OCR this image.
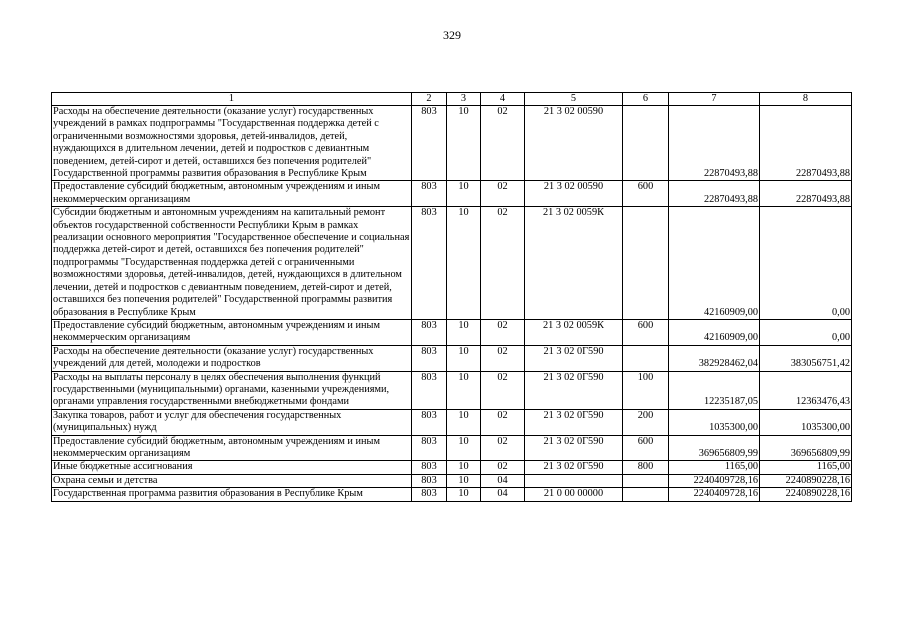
329
1	2	3	4	5	6	7	8
Расходы на обеспечение деятельности (оказание услуг) государственных учреждений в рамках подпрограммы "Государственная поддержка детей с ограниченными возможностями здоровья, детей-инвалидов, детей, нуждающихся в длительном лечении, детей и подростков с девиантным поведением, детей-сирот и детей, оставшихся без попечения родителей" Государственной программы развития образования в Республике Крым	803	10	02	21 3 02 00590		22870493,88	22870493,88
Предоставление субсидий бюджетным, автономным учреждениям и иным некоммерческим организациям	803	10	02	21 3 02 00590	600	22870493,88	22870493,88
Субсидии бюджетным и автономным учреждениям на капитальный ремонт объектов государственной собственности Республики Крым в рамках реализации основного мероприятия "Государственное обеспечение и социальная поддержка детей-сирот и детей, оставшихся без попечения родителей" подпрограммы "Государственная поддержка детей с ограниченными возможностями здоровья, детей-инвалидов, детей, нуждающихся в длительном лечении, детей и подростков с девиантным поведением, детей-сирот и детей, оставшихся без попечения родителей" Государственной программы развития образования в Республике Крым	803	10	02	21 3 02 0059К		42160909,00	0,00
Предоставление субсидий бюджетным, автономным учреждениям и иным некоммерческим организациям	803	10	02	21 3 02 0059К	600	42160909,00	0,00
Расходы на обеспечение деятельности (оказание услуг) государственных учреждений для детей, молодежи и подростков	803	10	02	21 3 02 0Г590		382928462,04	383056751,42
Расходы на выплаты персоналу в целях обеспечения выполнения функций государственными (муниципальными) органами, казенными учреждениями, органами управления государственными внебюджетными фондами	803	10	02	21 3 02 0Г590	100	12235187,05	12363476,43
Закупка товаров, работ и услуг для обеспечения государственных (муниципальных) нужд	803	10	02	21 3 02 0Г590	200	1035300,00	1035300,00
Предоставление субсидий бюджетным, автономным учреждениям и иным некоммерческим организациям	803	10	02	21 3 02 0Г590	600	369656809,99	369656809,99
Иные бюджетные ассигнования	803	10	02	21 3 02 0Г590	800	1165,00	1165,00
Охрана семьи и детства	803	10	04			2240409728,16	2240890228,16
Государственная программа развития образования в Республике Крым	803	10	04	21 0 00 00000		2240409728,16	2240890228,16
